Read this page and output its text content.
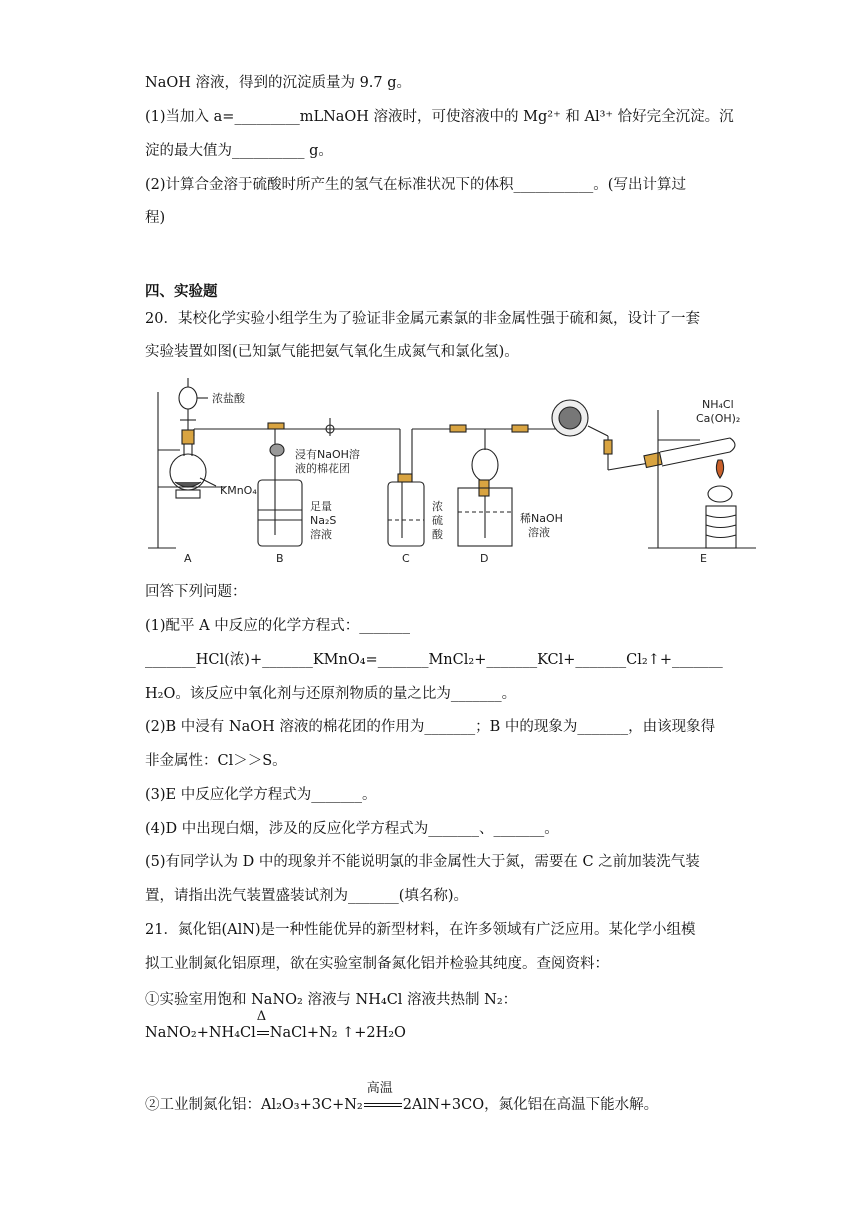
NaOH 溶液，得到的沉淀质量为 9.7 g。
(1)当加入 a=_________mLNaOH 溶液时，可使溶液中的 Mg²⁺ 和 Al³⁺ 恰好完全沉淀。沉
淀的最大值为__________ g。
(2)计算合金溶于硫酸时所产生的氢气在标准状况下的体积___________。(写出计算过
程)
四、实验题
20．某校化学实验小组学生为了验证非金属元素氯的非金属性强于硫和氮，设计了一套
实验装置如图(已知氯气能把氨气氧化生成氮气和氯化氢)。
浓盐酸
KMnO₄
浸有NaOH溶
液的棉花团
足量
Na₂S
溶液
浓
硫
酸
稀NaOH
溶液
NH₄Cl
Ca(OH)₂
A	B	C	D	E
回答下列问题：
(1)配平 A 中反应的化学方程式：_______
_______HCl(浓)+_______KMnO₄=_______MnCl₂+_______KCl+_______Cl₂↑+_______
H₂O。该反应中氧化剂与还原剂物质的量之比为_______。
(2)B 中浸有 NaOH 溶液的棉花团的作用为_______；B 中的现象为_______，由该现象得
非金属性：Cl＞＞S。
(3)E 中反应化学方程式为_______。
(4)D 中出现白烟，涉及的反应化学方程式为_______、_______。
(5)有同学认为 D 中的现象并不能说明氯的非金属性大于氮，需要在 C 之前加装洗气装
置，请指出洗气装置盛装试剂为_______(填名称)。
21．氮化铝(AlN)是一种性能优异的新型材料，在许多领域有广泛应用。某化学小组模
拟工业制氮化铝原理，欲在实验室制备氮化铝并检验其纯度。查阅资料：
①实验室用饱和 NaNO₂ 溶液与 NH₄Cl 溶液共热制 N₂：
NaNO₂+NH₄Cl
Δ
NaCl+N₂ ↑+2H₂O
②工业制氮化铝：Al₂O₃+3C+N₂
高温
2AlN+3CO，氮化铝在高温下能水解。
